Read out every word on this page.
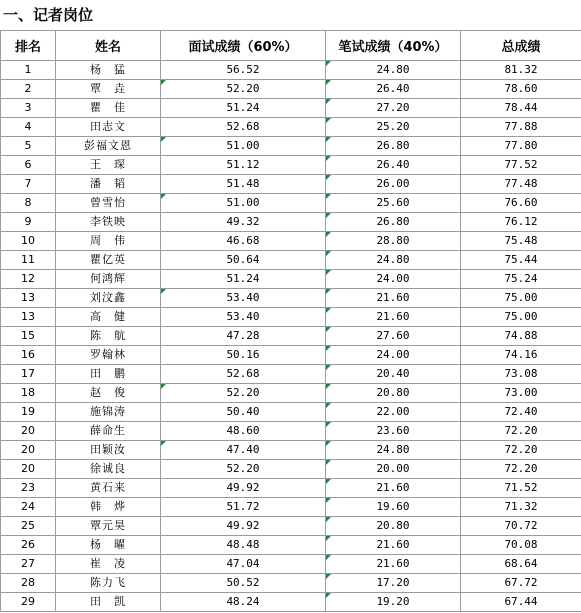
一、记者岗位
排名	姓名	面试成绩（60%）	笔试成绩（40%）	总成绩
1	杨　猛	56.52	24.80	81.32
2	覃　垚	52.20	26.40	78.60
3	瞿　佳	51.24	27.20	78.44
4	田志文	52.68	25.20	77.88
5	彭福文恩	51.00	26.80	77.80
6	王　琛	51.12	26.40	77.52
7	潘　韬	51.48	26.00	77.48
8	曾雪怡	51.00	25.60	76.60
9	李铁映	49.32	26.80	76.12
10	周　伟	46.68	28.80	75.48
11	瞿亿英	50.64	24.80	75.44
12	何鸿辉	51.24	24.00	75.24
13	刘汶鑫	53.40	21.60	75.00
13	高　健	53.40	21.60	75.00
15	陈　航	47.28	27.60	74.88
16	罗翰林	50.16	24.00	74.16
17	田　鹏	52.68	20.40	73.08
18	赵　俊	52.20	20.80	73.00
19	施锦涛	50.40	22.00	72.40
20	薛命生	48.60	23.60	72.20
20	田颖汝	47.40	24.80	72.20
20	徐诚良	52.20	20.00	72.20
23	黄石来	49.92	21.60	71.52
24	韩　烨	51.72	19.60	71.32
25	覃元昊	49.92	20.80	70.72
26	杨　曜	48.48	21.60	70.08
27	崔　凌	47.04	21.60	68.64
28	陈力飞	50.52	17.20	67.72
29	田　凯	48.24	19.20	67.44
